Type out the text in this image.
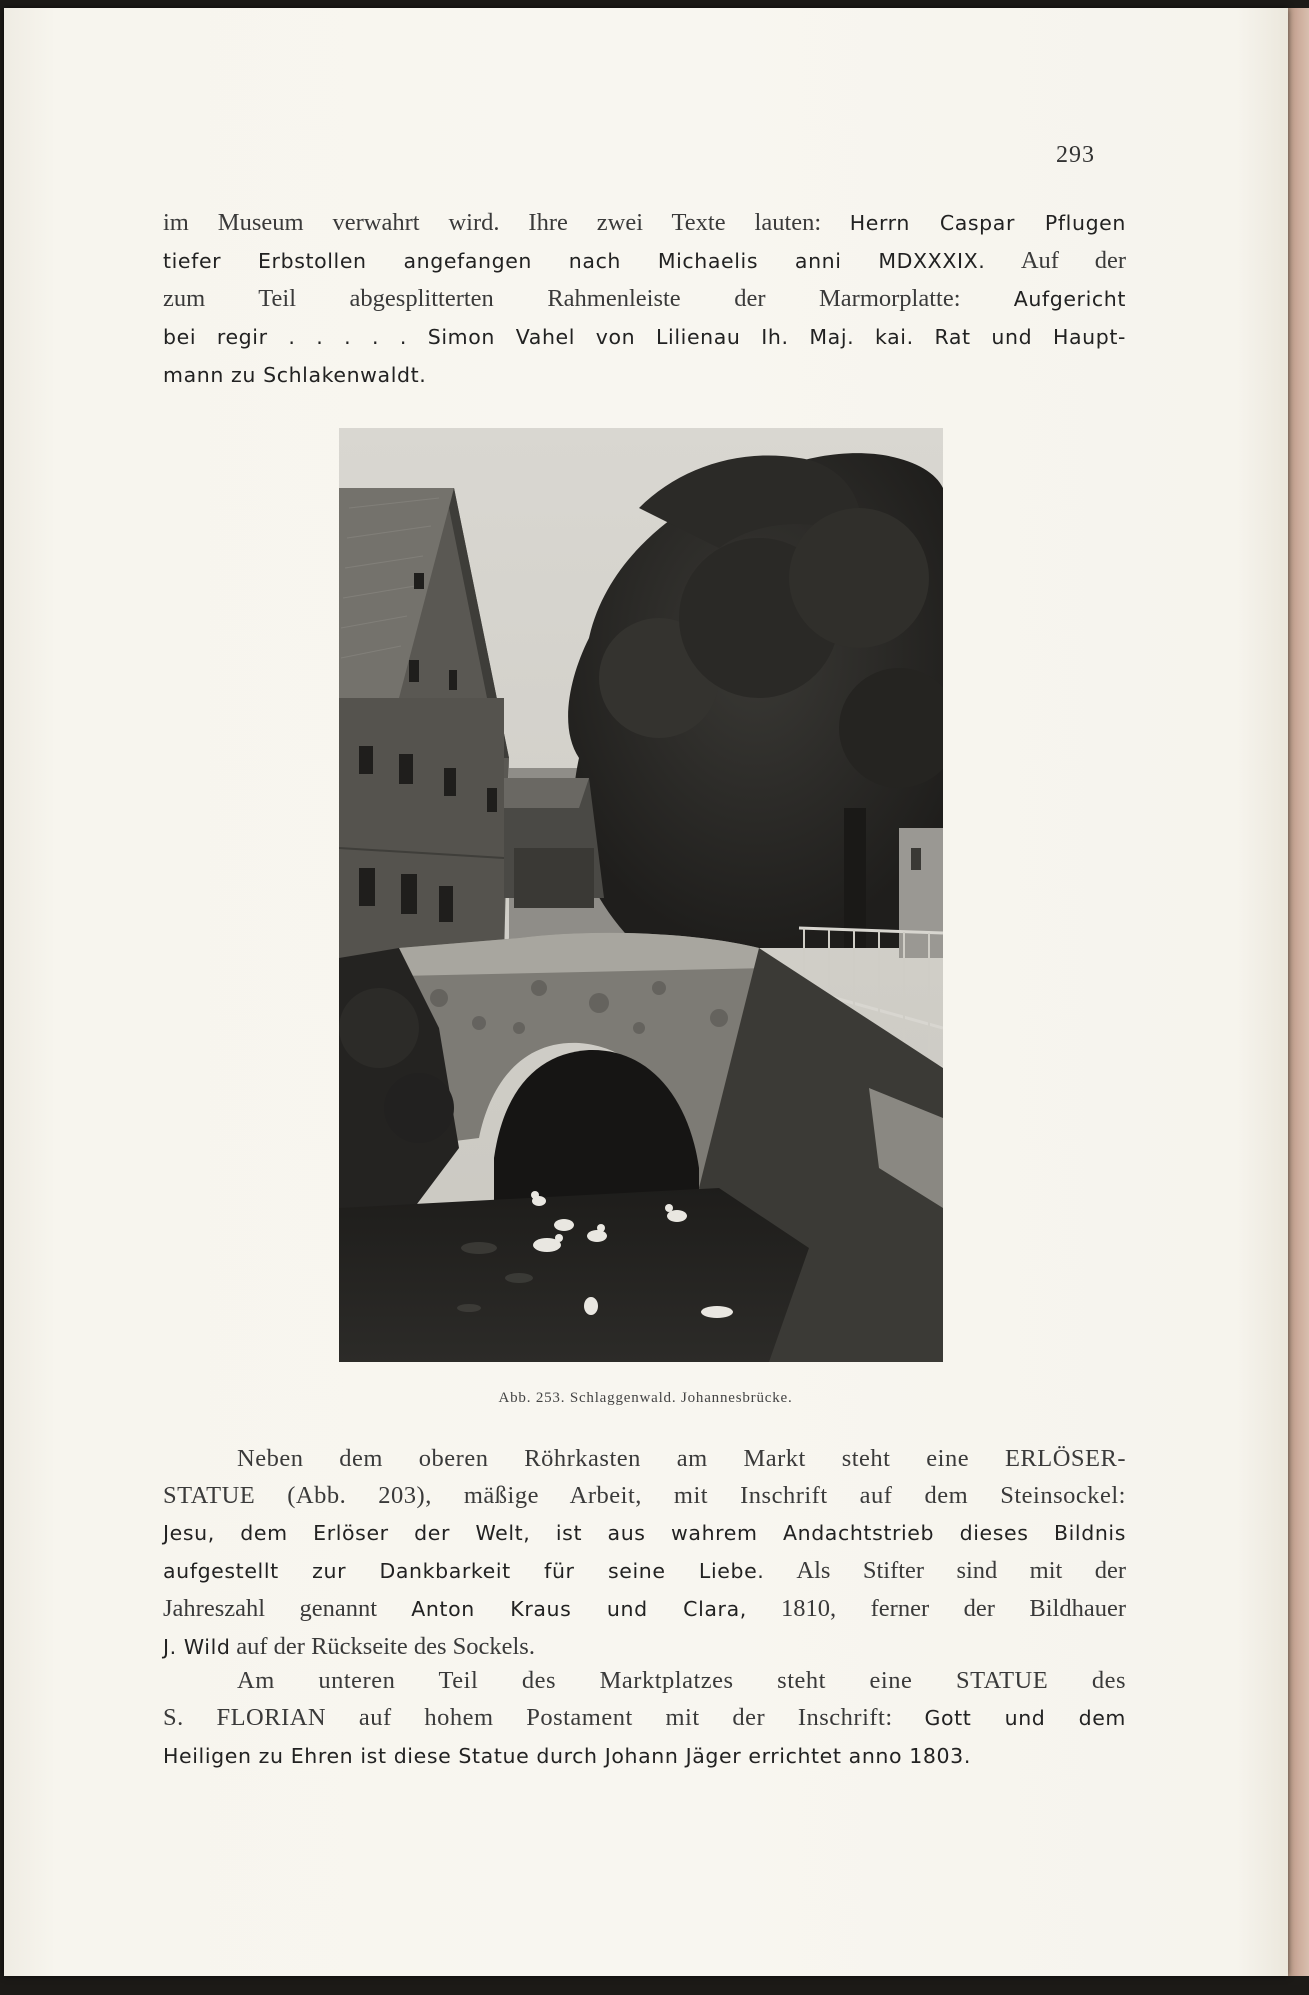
293
im Museum verwahrt wird. Ihre zwei Texte lauten: Herrn Caspar Pflugen
tiefer Erbstollen angefangen nach Michaelis anni MDXXXIX. Auf der
zum Teil abgesplitterten Rahmenleiste der Marmorplatte:	Aufgericht
bei regir . . . . . Simon Vahel von Lilienau Ih. Maj. kai. Rat und Haupt-
mann zu Schlakenwaldt.
Abb. 253. Schlaggenwald. Johannesbrücke.
Neben dem oberen Röhrkasten am Markt steht eine ERLÖSER-
STATUE (Abb. 203), mäßige Arbeit, mit Inschrift auf dem Steinsockel:
Jesu, dem Erlöser der Welt, ist aus wahrem Andachtstrieb dieses Bildnis
aufgestellt zur Dankbarkeit für seine Liebe. Als Stifter sind mit der
Jahreszahl genannt Anton Kraus und Clara, 1810, ferner der Bildhauer
J. Wild auf der Rückseite des Sockels.
Am unteren Teil des Marktplatzes steht eine STATUE des
S. FLORIAN auf hohem Postament mit der Inschrift: Gott und dem
Heiligen zu Ehren ist diese Statue durch Johann Jäger errichtet anno 1803.
